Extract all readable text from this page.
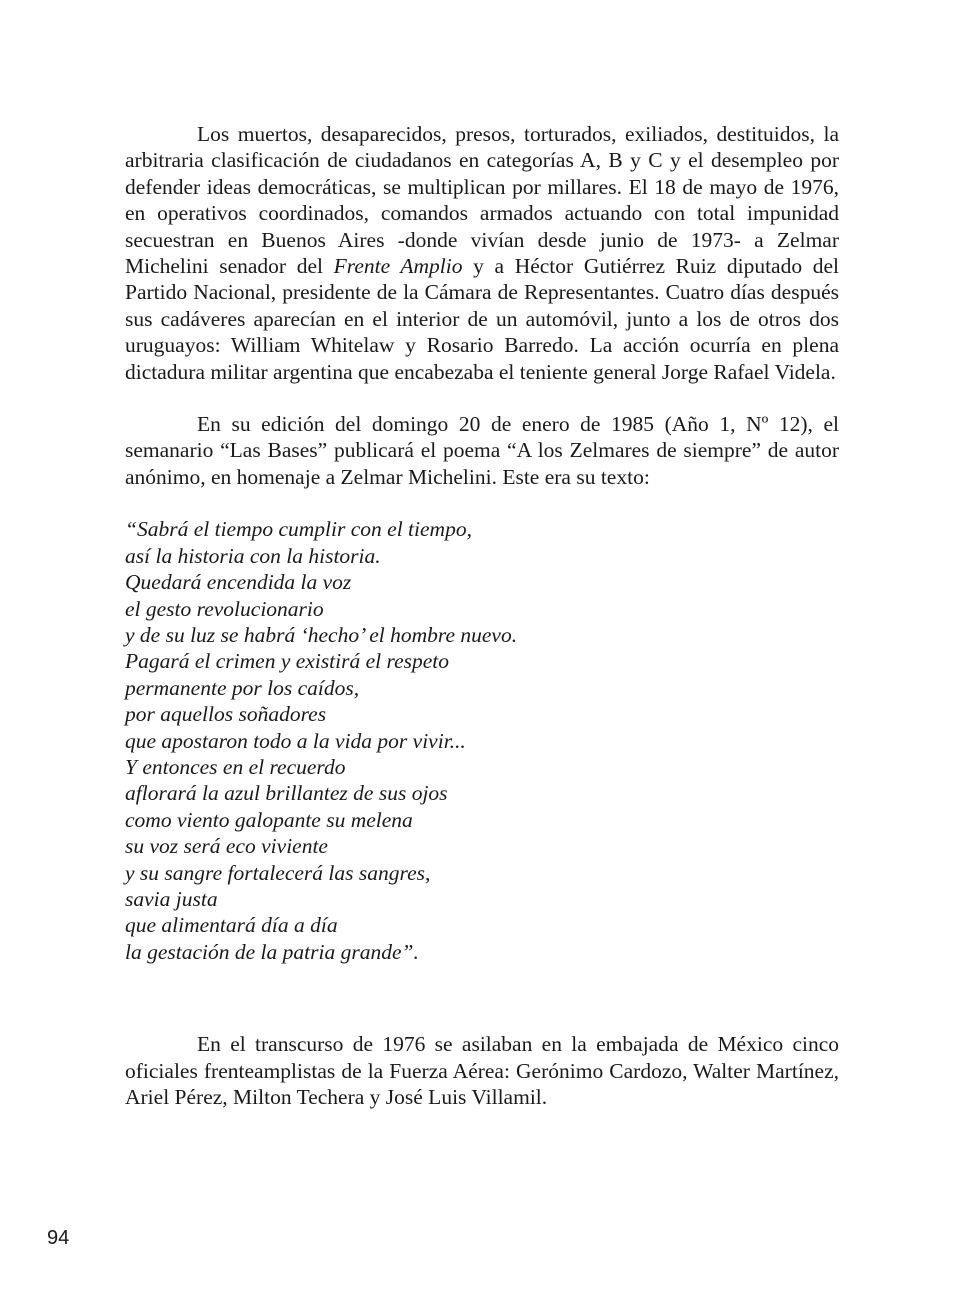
Los muertos, desaparecidos, presos, torturados, exiliados, destituidos, la arbitraria clasificación de ciudadanos en categorías A, B y C y el desempleo por defender ideas democráticas, se multiplican por millares. El 18 de mayo de 1976, en operativos coordinados, comandos armados actuando con total impunidad secuestran en Buenos Aires -donde vivían desde junio de 1973- a Zelmar Michelini senador del Frente Amplio y a Héctor Gutiérrez Ruiz diputado del Partido Nacional, presidente de la Cámara de Representantes. Cuatro días después sus cadáveres aparecían en el interior de un automóvil, junto a los de otros dos uruguayos: William Whitelaw y Rosario Barredo. La acción ocurría en plena dictadura militar argentina que encabezaba el teniente general Jorge Rafael Videla.

En su edición del domingo 20 de enero de 1985 (Año 1, Nº 12), el semanario “Las Bases” publicará el poema “A los Zelmares de siempre” de autor anónimo, en homenaje a Zelmar Michelini. Este era su texto:

“Sabrá el tiempo cumplir con el tiempo,
así la historia con la historia.
Quedará encendida la voz
el gesto revolucionario
y de su luz se habrá ‘hecho’ el hombre nuevo.
Pagará el crimen y existirá el respeto
permanente por los caídos,
por aquellos soñadores
que apostaron todo a la vida por vivir...
Y entonces en el recuerdo
aflorará la azul brillantez de sus ojos
como viento galopante su melena
su voz será eco viviente
y su sangre fortalecerá las sangres,
savia justa
que alimentará día a día
la gestación de la patria grande”.

En el transcurso de 1976 se asilaban en la embajada de México cinco oficiales frenteamplistas de la Fuerza Aérea: Gerónimo Cardozo, Walter Martínez, Ariel Pérez, Milton Techera y José Luis Villamil.

94
